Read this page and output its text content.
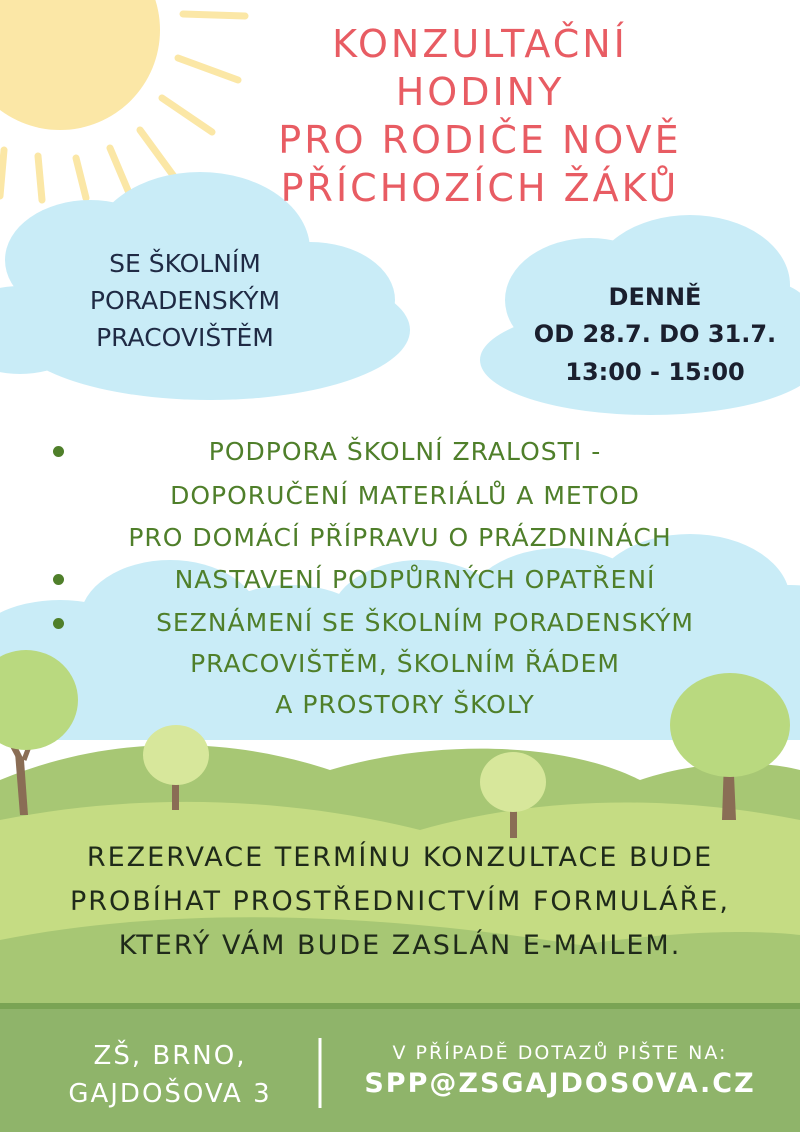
KONZULTAČNÍ
HODINY
PRO RODIČE NOVĚ
PŘÍCHOZÍCH ŽÁKŮ
SE ŠKOLNÍM
PORADENSKÝM
PRACOVIŠTĚM
DENNĚ
OD 28.7. DO 31.7.
13:00 - 15:00
PODPORA ŠKOLNÍ ZRALOSTI -
DOPORUČENÍ MATERIÁLŮ A METOD
PRO DOMÁCÍ PŘÍPRAVU O PRÁZDNINÁCH
NASTAVENÍ PODPŮRNÝCH OPATŘENÍ
SEZNÁMENÍ SE ŠKOLNÍM PORADENSKÝM
PRACOVIŠTĚM, ŠKOLNÍM ŘÁDEM
A PROSTORY ŠKOLY
REZERVACE TERMÍNU KONZULTACE BUDE
PROBÍHAT PROSTŘEDNICTVÍM FORMULÁŘE,
KTERÝ VÁM BUDE ZASLÁN E-MAILEM.
ZŠ, BRNO,
GAJDOŠOVA 3
V PŘÍPADĚ DOTAZŮ PIŠTE NA:
SPP@ZSGAJDOSOVA.CZ
